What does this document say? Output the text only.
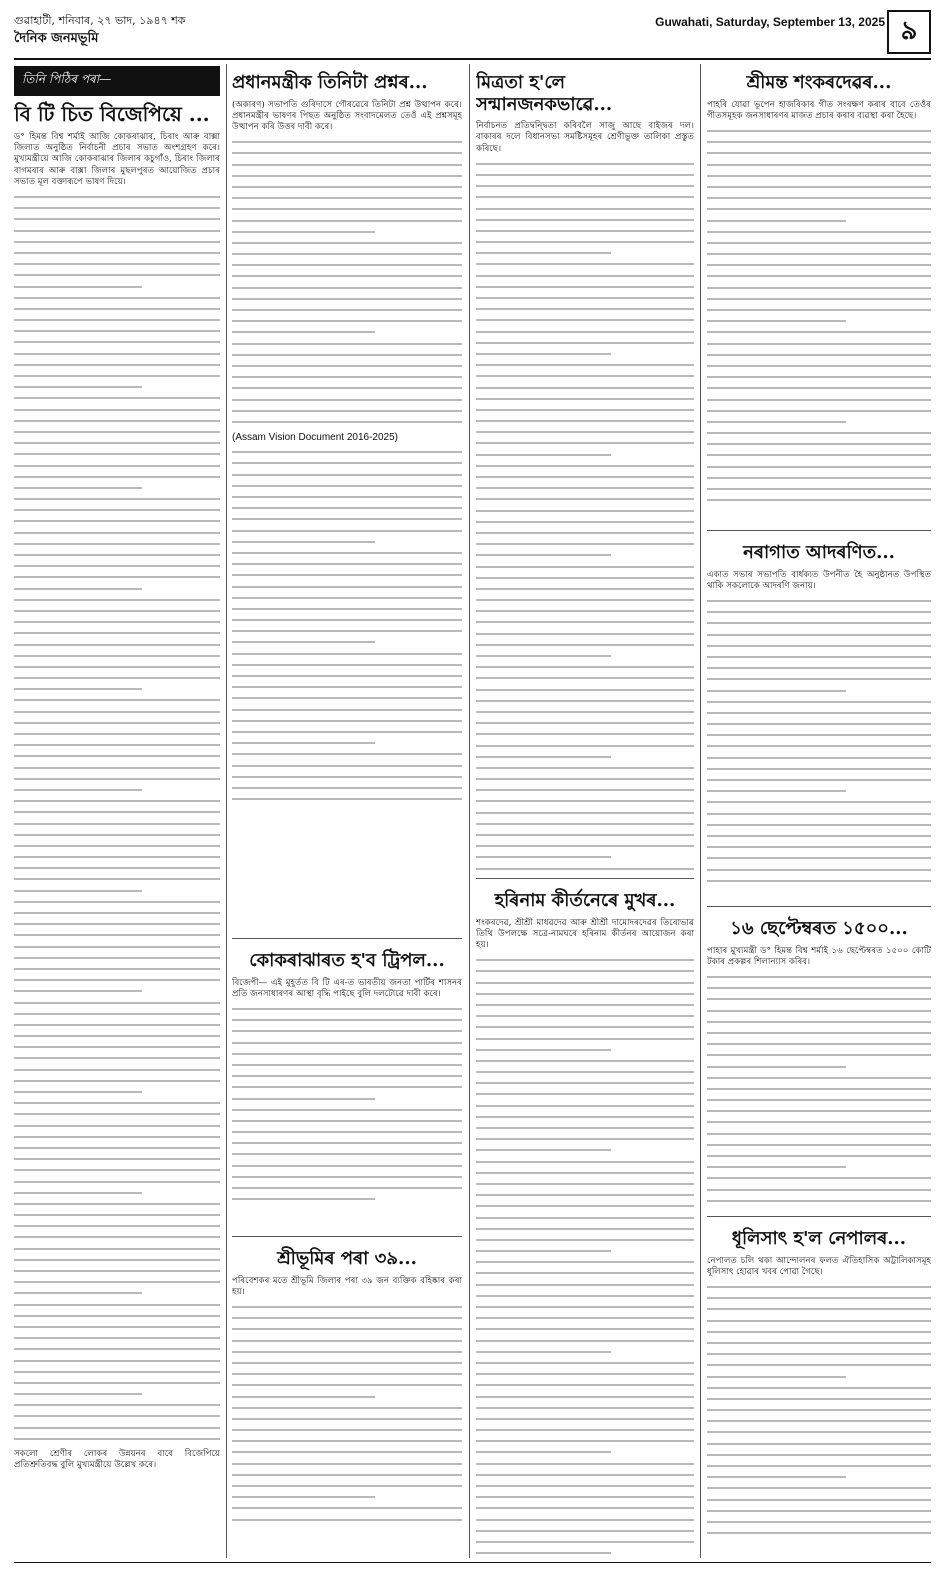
গুৱাহাটী, শনিবাৰ, ২৭ ভাদ, ১৯৪৭ শক
দৈনিক জনমভূমি
Guwahati, Saturday, September 13, 2025 ৯
তিনি পিঠিৰ পৰা—
বি টি চিত বিজেপিয়ে ...
ড° হিমন্ত বিশ্ব শৰ্মাই আজি কোকৰাঝাৰ, চিৰাং আৰু বাক্সা জিলাত অনুষ্ঠিত নিৰ্বাচনী প্ৰচাৰ সভাত অংশগ্ৰহণ কৰে। মুখ্যমন্ত্ৰীয়ে আজি কোকৰাঝাৰ জিলাৰ কচুগাঁও, চিৰাং জিলাৰ বাগমৰাৰ আৰু বাক্সা জিলাৰ মুছলপুৰত আয়োজিত প্ৰচাৰ সভাত মূল বক্তাৰূপে ভাষণ দিয়ে।
সকলো শ্ৰেণীৰ লোকৰ উন্নয়নৰ বাবে বিজেপিয়ে প্ৰতিশ্ৰুতিবদ্ধ বুলি মুখ্যমন্ত্ৰীয়ে উল্লেখ কৰে।
প্ৰধানমন্ত্ৰীক তিনিটা প্ৰশ্নৰ...
(অকাৰণ) সভাপতি গুৰিদাসে গৌৰৱেৰে তিনিটা প্ৰশ্ন উত্থাপন কৰে। প্ৰধানমন্ত্ৰীৰ ভাষণৰ পিছত অনুষ্ঠিত সংবাদমেলত তেওঁ এই প্ৰশ্নসমূহ উত্থাপন কৰি উত্তৰ দাবী কৰে।
(Assam Vision Document 2016-2025)
কোকৰাঝাৰত হ'ব ট্ৰিপল...
বিজেপী— এই মুহূৰ্তত বি টি এৰ-ত ভাৰতীয় জনতা পাৰ্টিৰ শাসনৰ প্ৰতি জনসাধাৰণৰ আস্থা বৃদ্ধি পাইছে বুলি দলটোৱে দাবী কৰে।
শ্ৰীভূমিৰ পৰা ৩৯...
পৰিবেশকৰ মতে শ্ৰীভূমি জিলাৰ পৰা ৩৯ জন ব্যক্তিক বহিষ্কাৰ কৰা হয়।
মিত্ৰতা হ'লে সন্মানজনকভাৱে...
নিৰ্বাচনত প্ৰতিদ্বন্দ্বিতা কৰিবলৈ সাজু আছে বাইজৰ দল। বাকাৰৰ দলে বিধানসভা সমষ্টিসমূহৰ শ্ৰেণীভুক্ত তালিকা প্ৰস্তুত কৰিছে।
হৰিনাম কীৰ্তনেৰে মুখৰ...
শংকৰদেৱ, শ্ৰীশ্ৰী মাধৱদেৱ আৰু শ্ৰীশ্ৰী দামোদৰদেৱৰ তিৰোভাৱ তিথি উপলক্ষে সত্ৰে-নামঘৰে হৰিনাম কীৰ্তনৰ আয়োজন কৰা হয়।
শ্ৰীমন্ত শংকৰদেৱৰ...
পাহৰি যোৱা ভূপেন হাজৰিকাৰ গীত সংৰক্ষণ কৰাৰ বাবে তেওঁৰ গীতসমূহক জনসাধাৰণৰ মাজত প্ৰচাৰ কৰাৰ ব্যৱস্থা কৰা হৈছে।
নৰাগাত আদৰণিত...
একাত সভাৰ সভাপতি বাৰ্ধক্যত উপনীত হৈ অনুষ্ঠানত উপস্থিত থাকি সকলোকে আদৰণি জনায়।
১৬ ছেপ্টেম্বৰত ১৫০০...
পাহাৰ মুখ্যমন্ত্ৰী ড° হিমন্ত বিশ্ব শৰ্মাই ১৬ ছেপ্টেম্বৰত ১৫০০ কোটি টকাৰ প্ৰকল্পৰ শিলান্যাস কৰিব।
ধূলিসাৎ হ'ল নেপালৰ...
নেপালত চলি থকা আন্দোলনৰ ফলত ঐতিহাসিক অট্টালিকাসমূহ ধূলিসাৎ হোৱাৰ খবৰ পোৱা গৈছে।
